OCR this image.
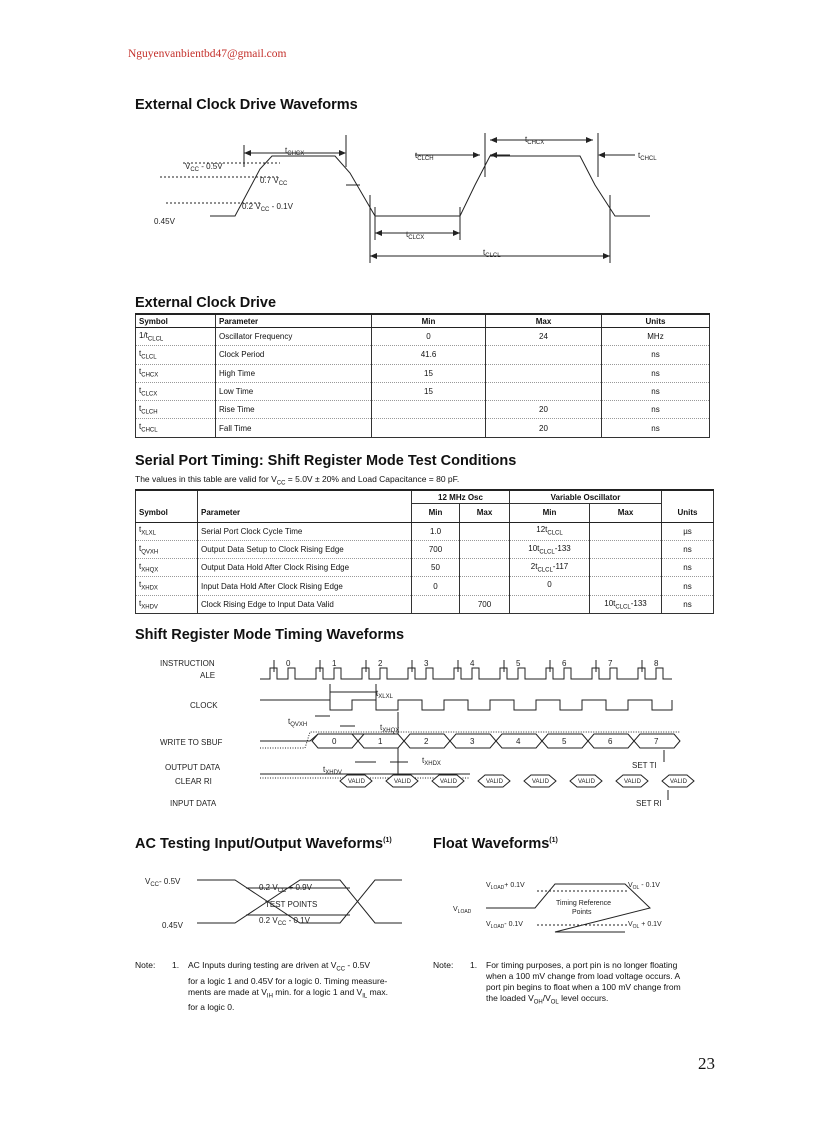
Nguyenvanbientbd47@gmail.com
External Clock Drive Waveforms
$V_{CC} - 0.5V$
0.45V
0.7 $V_{CC}$
0.2 $V_{CC} - 0.1V$
$t_{CHCX}$	$t_{CLCH}$
$t_{CHCX}$
$t_{CHCL}$
$t_{CLCX}$
$t_{CLCL}$
External Clock Drive
Symbol	Parameter	Min	Max	Units
$1/t_{CLCL}$	Oscillator Frequency	0	24	MHz
$t_{CLCL}$	Clock Period	41.6		ns
$t_{CHCX}$	High Time	15		ns
$t_{CLCX}$	Low Time	15		ns
$t_{CLCH}$	Rise Time		20	ns
$t_{CHCL}$	Fall Time		20	ns
Serial Port Timing: Shift Register Mode Test Conditions
The values in this table are valid for $V_{CC} = 5.0V \pm 20\%$ and Load Capacitance = 80 pF.
		12 MHz Osc		Variable Oscillator		
Symbol	Parameter	Min	Max	Min	Max	Units
$t_{XLXL}$	Serial Port Clock Cycle Time	1.0		$12t_{CLCL}$		µs
$t_{QVXH}$	Output Data Setup to Clock Rising Edge	700		$10t_{CLCL}-133$		ns
$t_{XHQX}$	Output Data Hold After Clock Rising Edge	50		$2t_{CLCL}-117$		ns
$t_{XHDX}$	Input Data Hold After Clock Rising Edge	0		0		ns
$t_{XHDV}$	Clock Rising Edge to Input Data Valid		700		$10t_{CLCL}-133$	ns
Shift Register Mode Timing Waveforms
INSTRUCTION
ALE
CLOCK
WRITE TO SBUF
OUTPUT DATA
CLEAR RI
INPUT DATA
SET TI
SET RI
0	1	2	3	4	5	6	7
VALID	VALID	VALID	VALID	VALID	VALID	VALID	VALID
0	1	2	3	4	5	6	7	8
$t_{XLXL}$
$t_{QVXH}$	$t_{XHQX}$
$t_{XHDV}$
$t_{XHDX}$
AC Testing Input/Output Waveforms$^{(1)}$	Float Waveforms$^{(1)}$
$V_{CC}-$ 0.5V
0.45V
0.2 $V_{CC} + 0.9V$
TEST POINTS
0.2 $V_{CC} - 0.1V$
$V_{LOAD}+ 0.1V$
$V_{LOAD}$
$V_{LOAD}-$ 0.1V
$V_{OL} - 0.1V$
$V_{OL} + 0.1V$
Timing Reference
Points
Note: 1. AC Inputs during testing are driven at $V_{CC} - 0.5V$
for a logic 1 and 0.45V for a logic 0. Timing measure-
ments are made at $V_{IH}$ min. for a logic 1 and $V_{IL}$ max.
for a logic 0.
Note: 1. For timing purposes, a port pin is no longer floating
when a 100 mV change from load voltage occurs. A
port pin begins to float when a 100 mV change from
the loaded $V_{OH}/V_{OL}$ level occurs.
23
